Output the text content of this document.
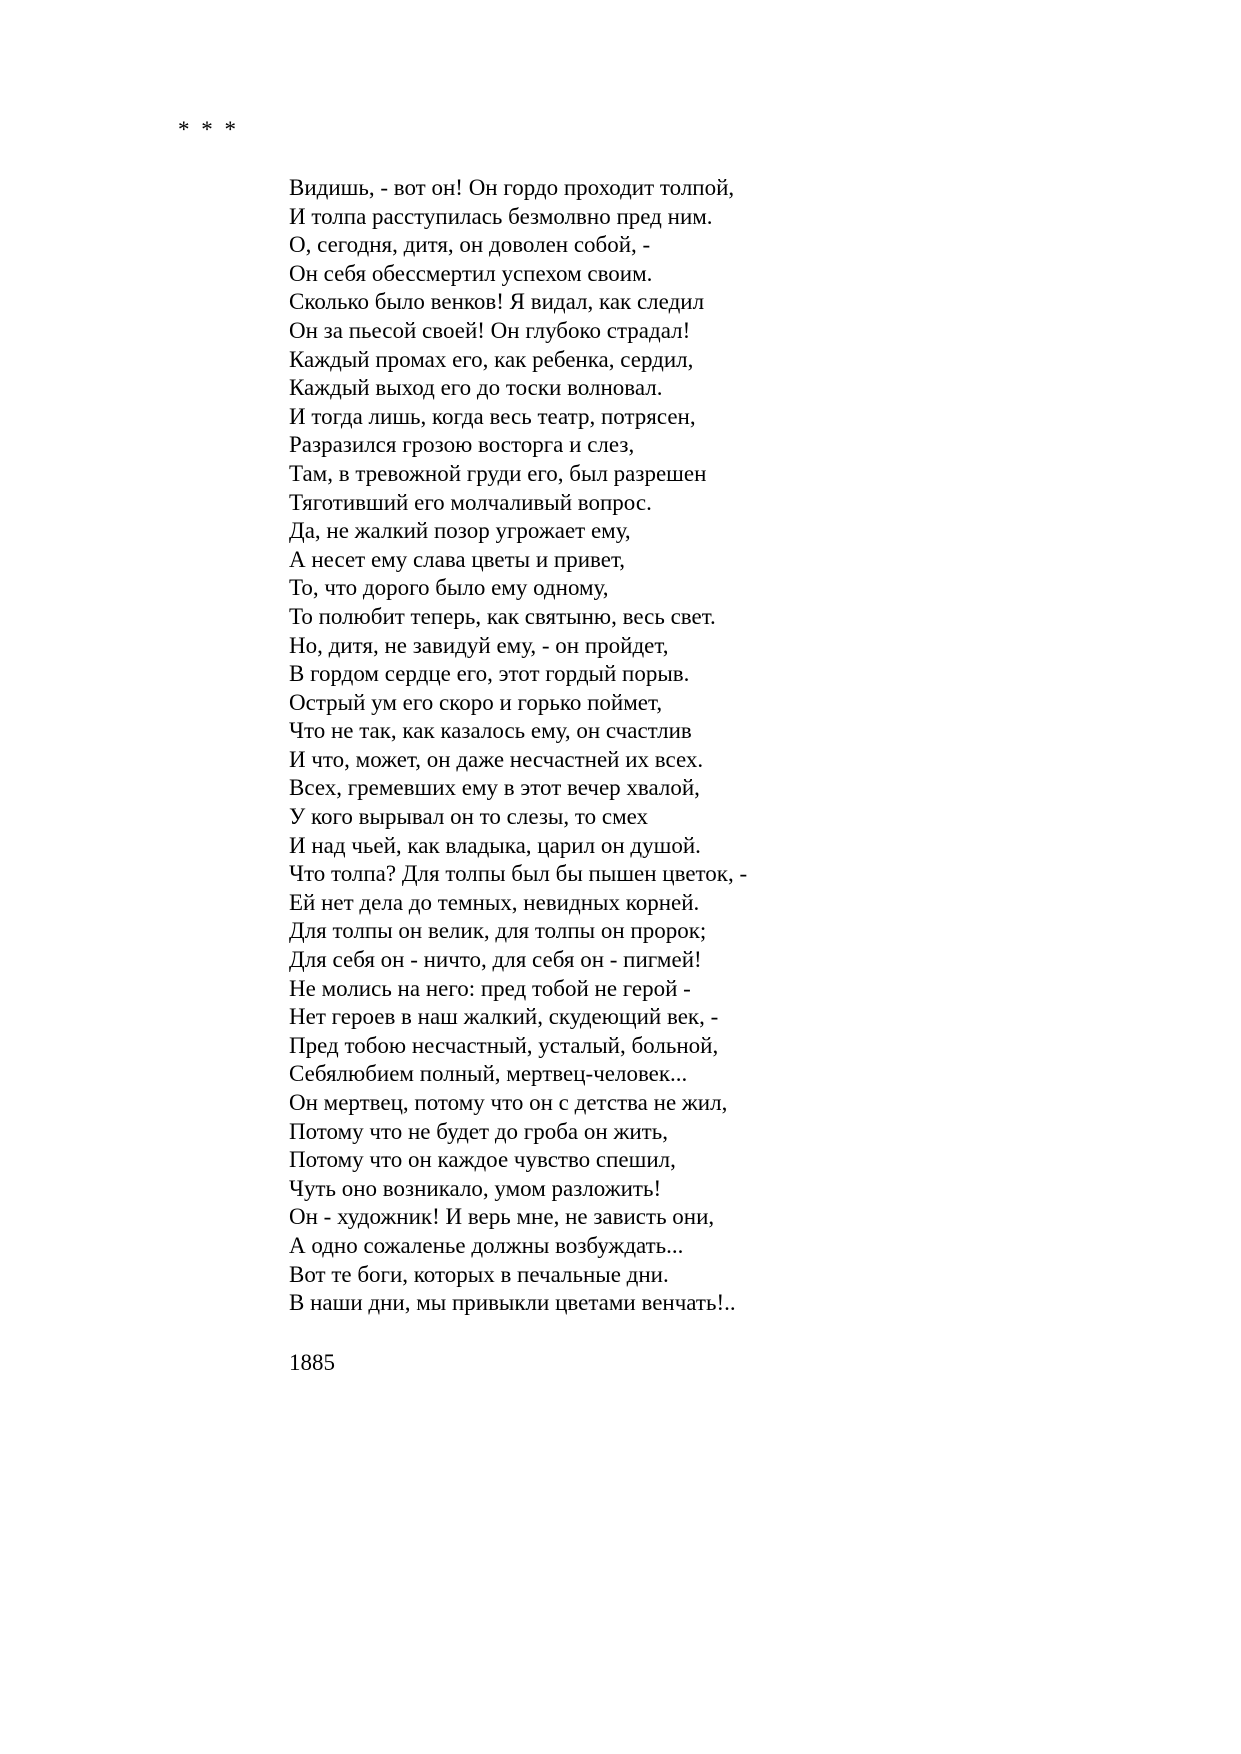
* * *
Видишь, - вот он! Он гордо проходит толпой,
И толпа расступилась безмолвно пред ним.
О, сегодня, дитя, он доволен собой, -
Он себя обессмертил успехом своим.
Сколько было венков! Я видал, как следил
Он за пьесой своей! Он глубоко страдал!
Каждый промах его, как ребенка, сердил,
Каждый выход его до тоски волновал.
И тогда лишь, когда весь театр, потрясен,
Разразился грозою восторга и слез,
Там, в тревожной груди его, был разрешен
Тяготивший его молчаливый вопрос.
Да, не жалкий позор угрожает ему,
А несет ему слава цветы и привет,
То, что дорого было ему одному,
То полюбит теперь, как святыню, весь свет.
Но, дитя, не завидуй ему, - он пройдет,
В гордом сердце его, этот гордый порыв.
Острый ум его скоро и горько поймет,
Что не так, как казалось ему, он счастлив
И что, может, он даже несчастней их всех.
Всех, гремевших ему в этот вечер хвалой,
У кого вырывал он то слезы, то смех
И над чьей, как владыка, царил он душой.
Что толпа? Для толпы был бы пышен цветок, -
Ей нет дела до темных, невидных корней.
Для толпы он велик, для толпы он пророк;
Для себя он - ничто, для себя он - пигмей!
Не молись на него: пред тобой не герой -
Нет героев в наш жалкий, скудеющий век, -
Пред тобою несчастный, усталый, больной,
Себялюбием полный, мертвец-человек...
Он мертвец, потому что он с детства не жил,
Потому что не будет до гроба он жить,
Потому что он каждое чувство спешил,
Чуть оно возникало, умом разложить!
Он - художник! И верь мне, не зависть они,
А одно сожаленье должны возбуждать...
Вот те боги, которых в печальные дни.
В наши дни, мы привыкли цветами венчать!..
1885
